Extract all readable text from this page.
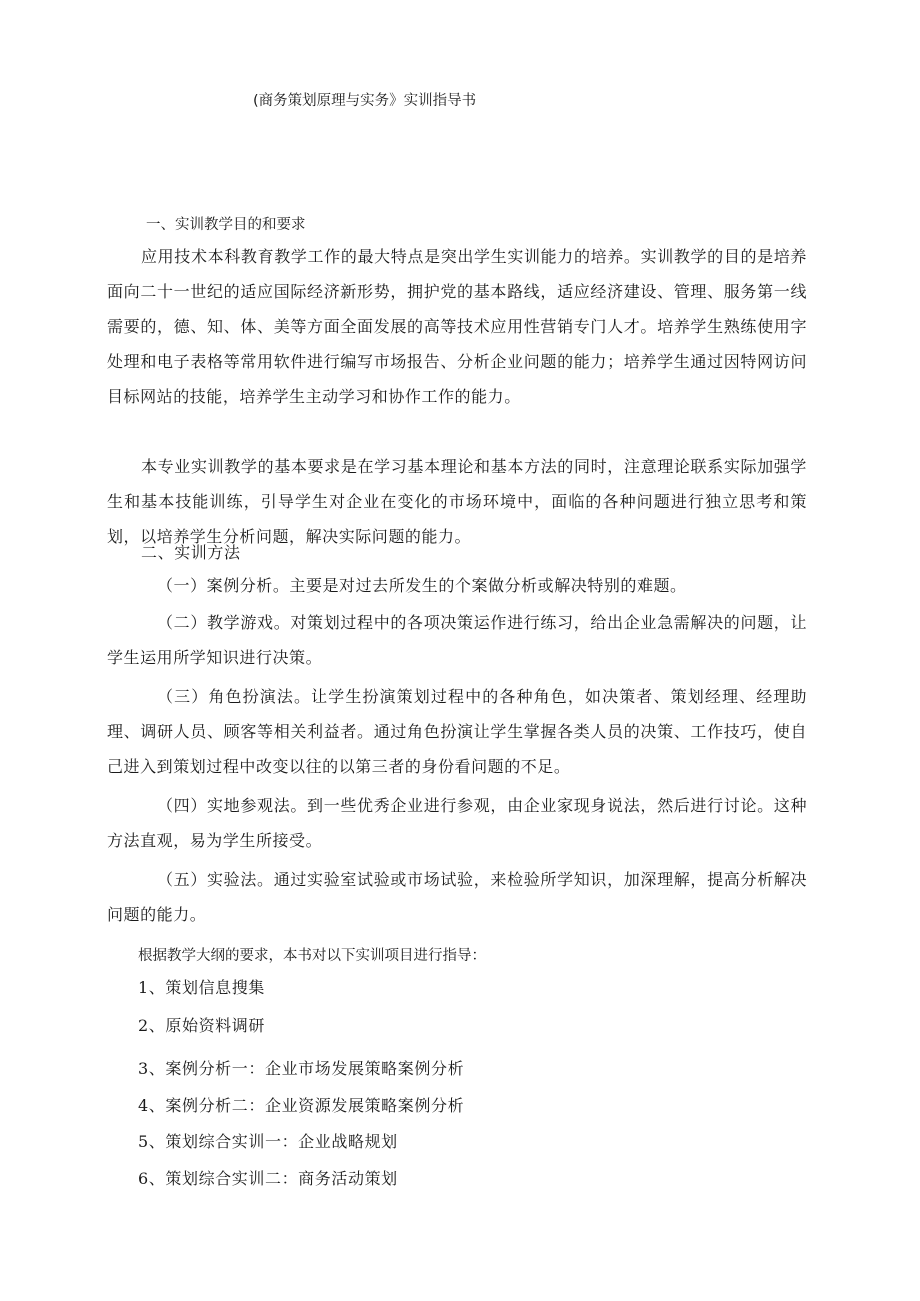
(商务策划原理与实务》实训指导书
一、实训教学目的和要求
应用技术本科教育教学工作的最大特点是突出学生实训能力的培养。实训教学的目的是培养面向二十一世纪的适应国际经济新形势，拥护党的基本路线，适应经济建设、管理、服务第一线需要的，德、知、体、美等方面全面发展的高等技术应用性营销专门人才。培养学生熟练使用字处理和电子表格等常用软件进行编写市场报告、分析企业问题的能力；培养学生通过因特网访问目标网站的技能，培养学生主动学习和协作工作的能力。
本专业实训教学的基本要求是在学习基本理论和基本方法的同时，注意理论联系实际加强学生和基本技能训练，引导学生对企业在变化的市场环境中，面临的各种问题进行独立思考和策划，以培养学生分析问题，解决实际问题的能力。
二、实训方法
（一）案例分析。主要是对过去所发生的个案做分析或解决特别的难题。
（二）教学游戏。对策划过程中的各项决策运作进行练习，给出企业急需解决的问题，让学生运用所学知识进行决策。
（三）角色扮演法。让学生扮演策划过程中的各种角色，如决策者、策划经理、经理助理、调研人员、顾客等相关利益者。通过角色扮演让学生掌握各类人员的决策、工作技巧，使自己进入到策划过程中改变以往的以第三者的身份看问题的不足。
（四）实地参观法。到一些优秀企业进行参观，由企业家现身说法，然后进行讨论。这种方法直观，易为学生所接受。
（五）实验法。通过实验室试验或市场试验，来检验所学知识，加深理解，提高分析解决问题的能力。
根据教学大纲的要求，本书对以下实训项目进行指导：
1、策划信息搜集
2、原始资料调研
3、案例分析一：企业市场发展策略案例分析
4、案例分析二：企业资源发展策略案例分析
5、策划综合实训一：企业战略规划
6、策划综合实训二：商务活动策划
